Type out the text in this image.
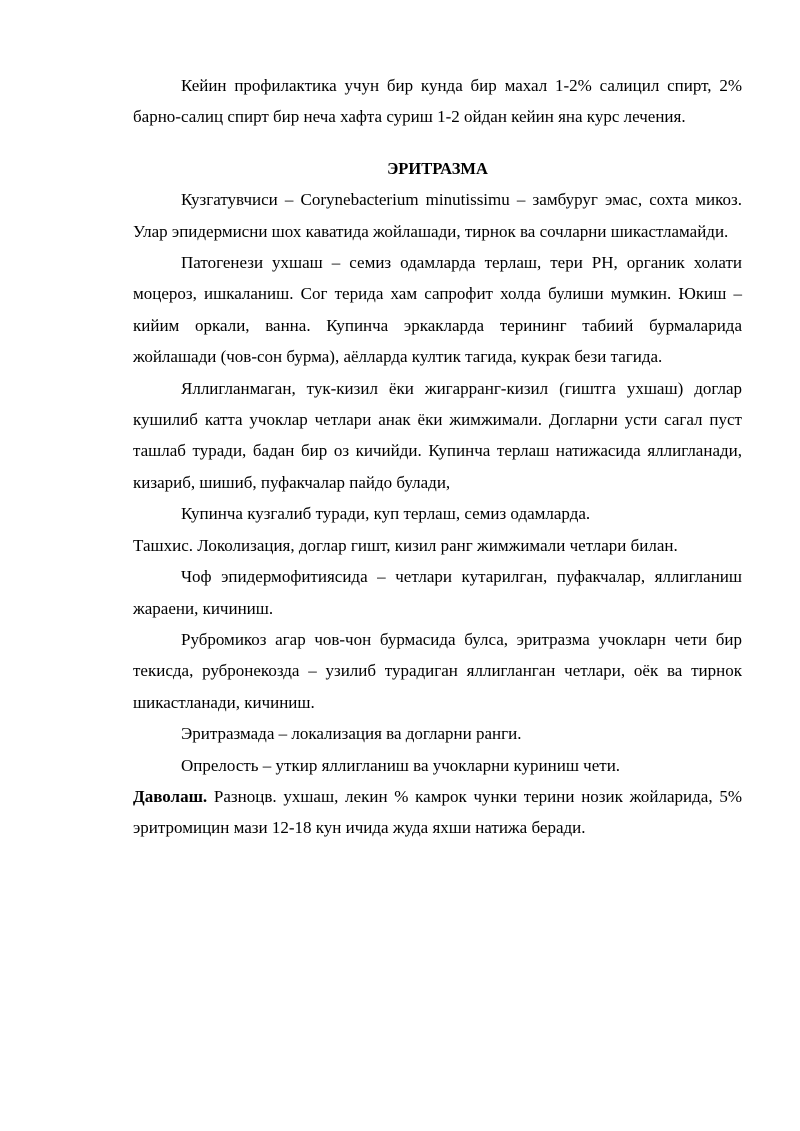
Кейин профилактика учун бир кунда бир махал 1-2% салицил спирт, 2% барно-салиц спирт бир неча хафта суриш 1-2 ойдан кейин яна курс лечения.

ЭРИТРАЗМА

Кузгатувчиси – Corynebacterium minutissimu – замбуруг эмас, сохта микоз. Улар эпидермисни шох каватида жойлашади, тирнок ва сочларни шикастламайди.

Патогенези ухшаш – семиз одамларда терлаш, тери РН, органик холати моцероз, ишкаланиш. Сог терида хам сапрофит холда булиши мумкин. Юкиш – кийим оркали, ванна. Купинча эркакларда терининг табиий бурмаларида жойлашади (чов-сон бурма), аёлларда култик тагида, кукрак бези тагида.

Яллигланмаган, тук-кизил ёки жигарранг-кизил (гиштга ухшаш) доглар кушилиб катта учоклар четлари анак ёки жимжимали. Догларни усти сагал пуст ташлаб туради, бадан бир оз кичийди. Купинча терлаш натижасида яллигланади, кизариб, шишиб, пуфакчалар пайдо булади,

Купинча кузгалиб туради, куп терлаш, семиз одамларда.

Ташхис. Локолизация, доглар гишт, кизил ранг жимжимали четлари билан.

Чоф эпидермофитиясида – четлари кутарилган, пуфакчалар, яллигланиш жараени, кичиниш.

Рубромикоз агар чов-чон бурмасида булса, эритразма учокларн чети бир текисда, рубронекозда – узилиб турадиган яллигланган четлари, оёк ва тирнок шикастланади, кичиниш.

Эритразмада – локализация ва догларни ранги.

Опрелость – уткир яллигланиш ва учокларни куриниш чети.

Даволаш. Разноцв. ухшаш, лекин % камрок чунки терини нозик жойларида, 5% эритромицин мази 12-18 кун ичида жуда яхши натижа беради.
